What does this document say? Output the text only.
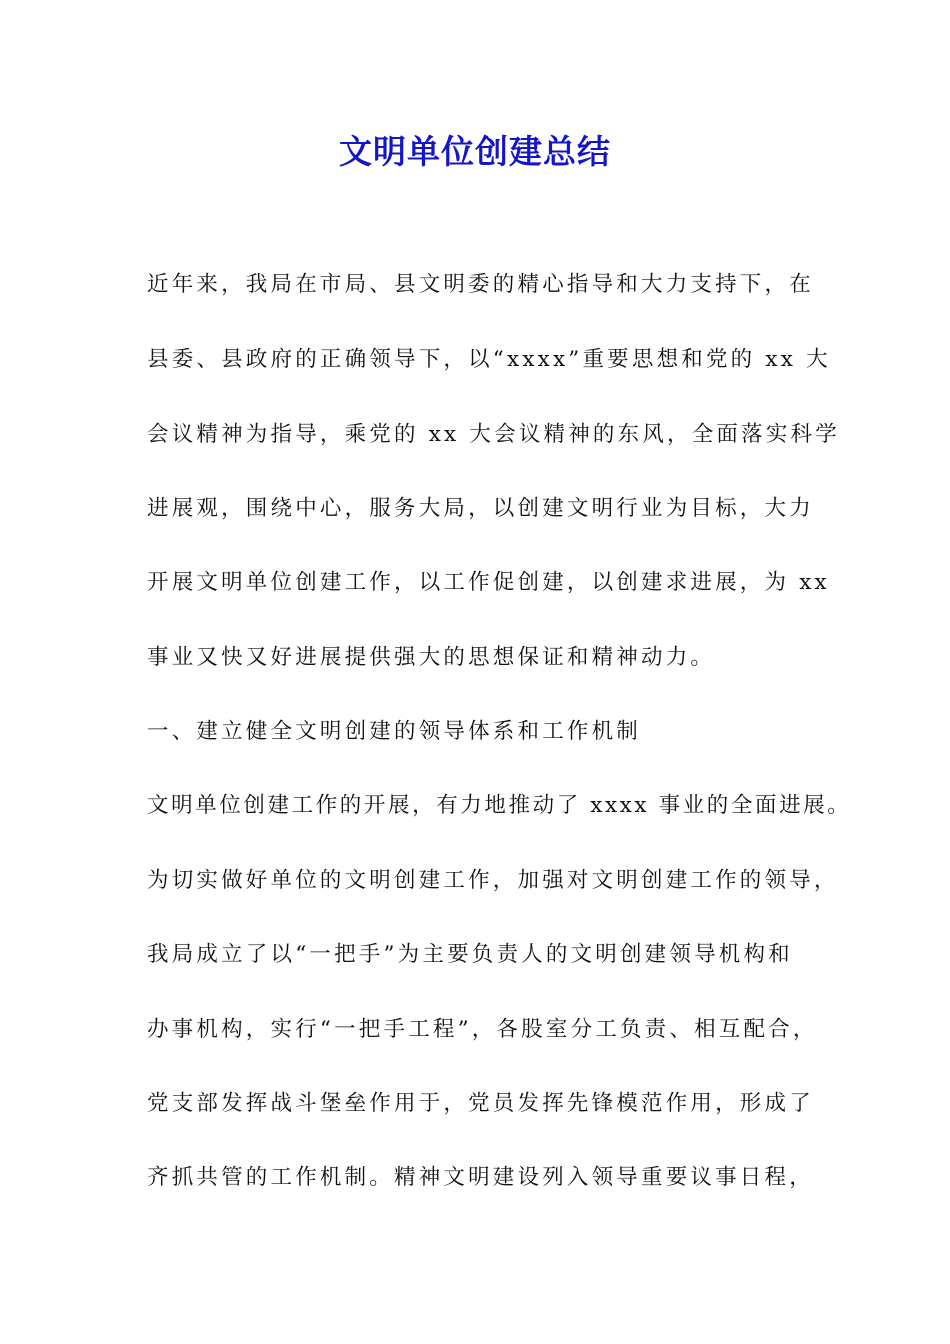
文明单位创建总结
近年来，我局在市局、县文明委的精心指导和大力支持下，在
县委、县政府的正确领导下，以“xxxx”重要思想和党的 xx 大
会议精神为指导，乘党的 xx 大会议精神的东风，全面落实科学
进展观，围绕中心，服务大局，以创建文明行业为目标，大力
开展文明单位创建工作，以工作促创建，以创建求进展，为 xx
事业又快又好进展提供强大的思想保证和精神动力。
一、建立健全文明创建的领导体系和工作机制
文明单位创建工作的开展，有力地推动了 xxxx 事业的全面进展。
为切实做好单位的文明创建工作，加强对文明创建工作的领导，
我局成立了以“一把手”为主要负责人的文明创建领导机构和
办事机构，实行“一把手工程”，各股室分工负责、相互配合，
党支部发挥战斗堡垒作用于，党员发挥先锋模范作用，形成了
齐抓共管的工作机制。精神文明建设列入领导重要议事日程，
